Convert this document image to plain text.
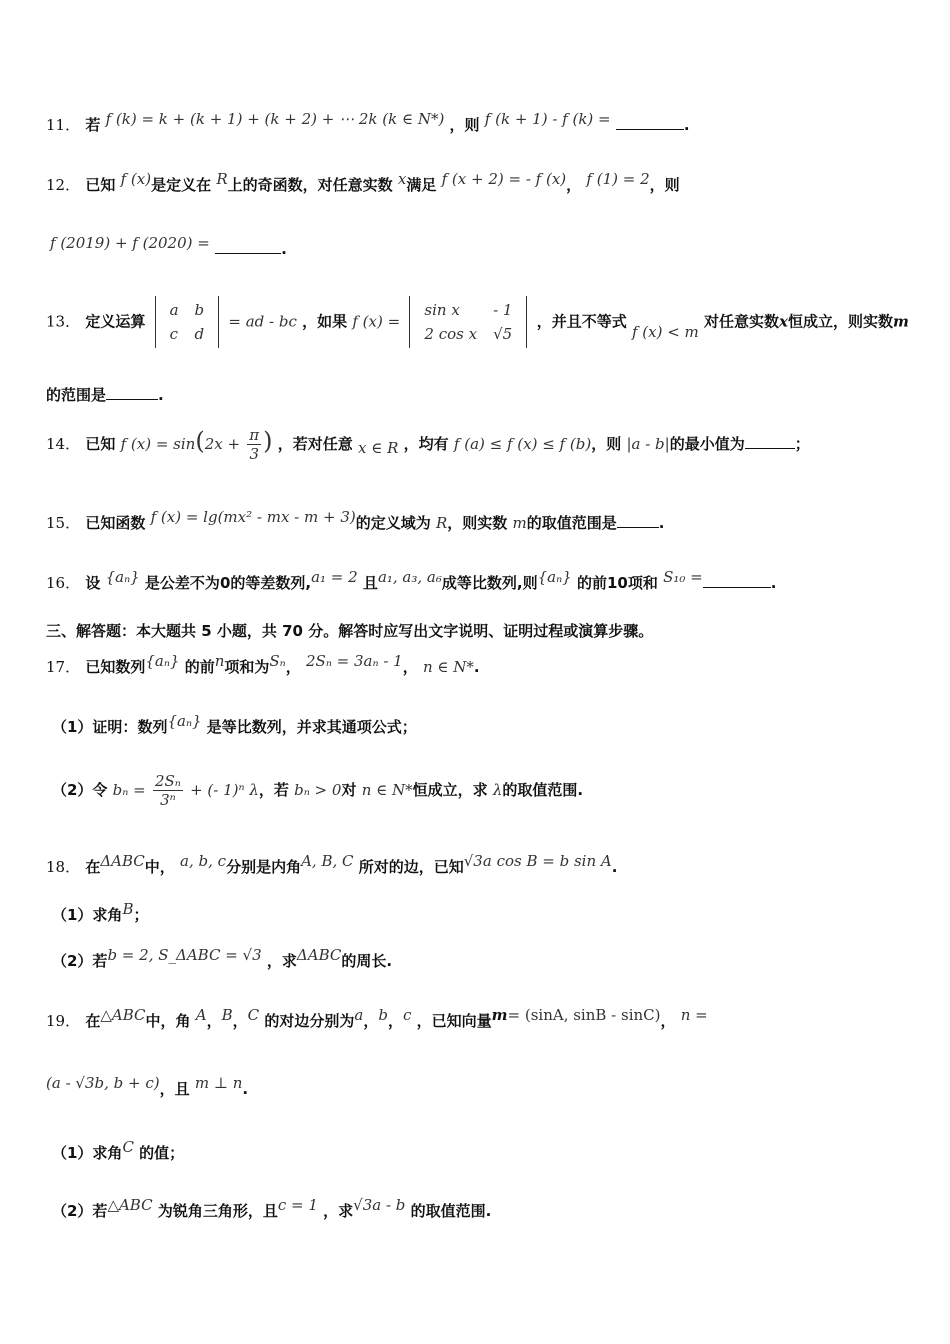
11． 若 f (k) = k + (k + 1) + (k + 2) + ⋯ 2k (k ∈ N*) ，则 f (k + 1) - f (k) =	.
12． 已知 f (x)是定义在 R上的奇函数，对任意实数 x满足 f (x + 2) = - f (x)， f (1) = 2，则
f (2019) + f (2020) =	.
13． 定义运算
a	b
c	d
= ad - bc ，如果 f (x) =
sin x	- 1
2 cos x	√5
，并且不等式 f (x) < m 对任意实数x恒成立，则实数m
的范围是	.
14． 已知 f $(x) = \sin(2x + \frac{\pi}{3}$ ) ，若对任意 x ∈ R ，均有 f (a) ≤ f (x) ≤ f (b)，则 |a - b|的最小值为	；
15． 已知函数 f (x) = lg(mx² - mx - m + 3)的定义域为 R，则实数 m的取值范围是	.
16． 设 {aₙ} 是公差不为0的等差数列,a₁ = 2 且a₁, a₃, a₆成等比数列,则{aₙ} 的前10项和 S₁₀ =	.
三、解答题：本大题共 5 小题，共 70 分。解答时应写出文字说明、证明过程或演算步骤。
17． 已知数列{aₙ} 的前n项和为Sₙ， 2Sₙ = 3aₙ - 1， n ∈ N*.
（1）证明：数列{aₙ} 是等比数列，并求其通项公式；
（2）令 $b_n = \frac{\text{2Sₙ}}{\text{3ⁿ}}$ + (- 1)ⁿ λ，若 bₙ > 0对 n ∈ N*恒成立，求 λ的取值范围.
18． 在ΔABC中， a, b, c分别是内角A, B, C 所对的边，已知√3a cos B = b sin A.
（1）求角B；
（2）若b = 2, S_ΔABC = √3 ，求ΔABC的周长.
19． 在△ABC中，角 A，B，C 的对边分别为a，b，c ，已知向量m= (sinA, sinB - sinC)， n =
(a - √3b, b + c)，且 m ⊥ n.
（1）求角C 的值；
（2）若△ABC 为锐角三角形，且c = 1 ，求√3a - b 的取值范围.
